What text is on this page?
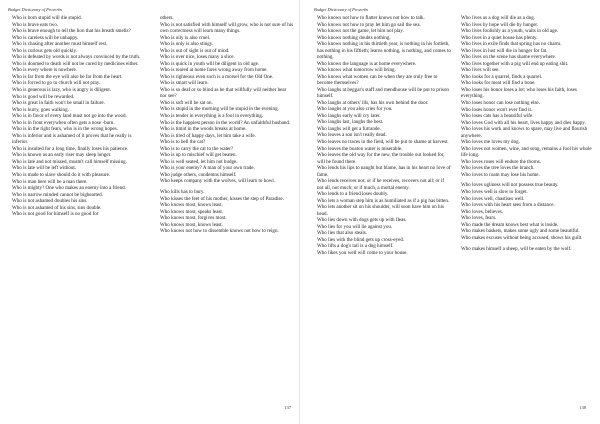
Budget Dictionary of Proverbs
Who is born stupid will die stupid.
Who is brave eats two.
Who is brave enough to tell the lion that his breath smells?
Who is careless will be unhappy.
Who is chasing after another must himself rest.
Who is curious gets old quickly.
Who is defeated by words is not always convinced by the truth.
Who is doomed to death will not be cured by medicines either.
Who is every where is nowhere.
Who is far from the eye will also be far from the heart.
Who is forced to go to church will not pray.
Who is generous is lazy, who is angry is diligent.
Who is good will be rewarded.
Who is great in faith won't be small in failure.
Who is hurry, goes walking.
Who is in favor of every land must not go into the wood.
Who is in front everywhen often gets a nose -burn.
Who is in the right fears, who is in the wrong hopes.
Who is inferior and is ashamed of it proves that he really is inferior.
Who is insulted for a long time, finally loses his patience.
Who is known as an early riser may sleep longer.
Who is late and not missed, mustn't call himself missing.
Who is late will be left without.
Who is made to slave should do it with pleasure.
Who is man here will be a man there.
Who is mighty? One who makes an enemy into a friend.
Who is narrow minded cannot be bighearted.
Who is not ashamed doubles his sins.
Who is not ashamed of his sins, sins double.
Who is not good for himself is no good for
others.
Who is not satisfied with himself will grow, who is not sure of his own correctness will learn many things.
Who is oily is also cruel.
Who is only is also stingy.
Who is out of sight is out of mind.
Who is over nice, loses many a slice.
Who is quick in youth will be diligent in old age.
Who is reared at home fares wrong away from home.
Who is righteous even such is a morsel for the Old One.
Who is smart will learn.
Who is so deaf or so blind as he that willfully will neither hear nor see?
Who is soft will be sat on.
Who is stupid in the morning will be stupid in the evening.
Who is tender in everything is a fool in everything.
Who is the happiest person in the world? An unfaithful husband.
Who is timid in the woods breaks at home.
Who is tired of happy days, let him take a wife.
Who is to bell the cat?
Who is to carry the cat to the water?
Who is up to mischief will get beaten.
Who is well seated, let him not budge.
Who is your enemy? A man of your own trade.
Who judge others, condemns himself.
Who keeps company with the wolves, will learn to howl.
Who kills has to bury.
Who kisses the feet of his mother, kisses the step of Paradise.
Who knows most, knows least.
Who knows most, speaks least.
Who knows most, forgives most.
Who knows most, knows least.
Who knows not how to dissemble knows not how to reign.
137
Budget Dictionary of Proverbs
Who knows not how to flatter knows not how to talk.
Who knows not how to pray let him go sail the sea.
Who knows not the game, let him not play.
Who knows nothing doubts nothing.
Who knows nothing in his thirtieth year, is nothing in his fortieth, has nothing in his fiftieth; learns nothing, is nothing, and comes to nothing.
Who knows the language is at home everywhere.
Who knows what tomorrow will bring.
Who knows what women can be when they are truly free to become themselves?
Who laughs at beggar's staff and mendhouse will be put to prison himself.
Who laughs at others' ills, has his own behind the door.
Who laughs at you also cries for you.
Who laughs early will cry later.
Who laughs last, laughs the best.
Who laughs will get a furrande.
Who leaves a son isn't really dead.
Who leaves no traces in the field, will be put to shame at harvest.
Who leaves the boaton water is miserable.
Who leaves the old way for the new, the trouble out looked for, will he found there.
Who lends his lips to naught but blame, has in his heart no love of fame.
Who lends receives not; or if he receives, recovers not all; or if not all, not much; or if much, a mortal enemy.
Who lends to a friend loses doubly.
Who lets a woman step him is as humiliated as if a pig has bitten.
Who lets another sit on his shoulder, will soon have him on his head.
Who lies down with dogs gets up with fleas.
Who lies for you will lie against you.
Who lies that also steals.
Who lies with the blind gets up cross-eyed.
Who lifts a dog's tail is a dog himself.
Who likes you well will come to your house.
Who lives as a dog will die as a dog.
Who lives by hope will die by hunger.
Who lives foolishly as a youth, waits in old age.
Who lives in a quiet house has plenty.
Who lives in exile finds that spring has no charm.
Who lives in lust will die in hunger for fat.
Who lives on the scene has shame everywhere.
Who lives together with a pig will end up eating shit.
Who lives will see.
Who looks for a quarrel, finds a quarrel.
Who looks for meat will find a bone.
Who loses his honor loses a lot; who loses his faith, loses everything.
Who loses honor can lose nothing else.
Who loses honor won't ever find it.
Who loses cats has a beautiful wife.
Who loves God with all his heart, lives happy and dies happy.
Who loves his work and knows to spare, may live and flourish anywhere.
Who loves me loves my dog.
Who loves not women, wine, and song, remains a fool his whole life long.
Who loves roses will endure the thorns.
Who loves the tree loves the branch.
Who loves to roam may lose his home.
Who loves ugliness will not possess true beauty.
Who loves well is slow to forget.
Who loves well, chastises well.
Who loves with his heart sees from a distance.
Who loves, believes.
Who loves, fears.
Who made the dream knows best what is inside.
Who makes baskets, makes some ugly and some beautiful.
Who makes excuses without being accused, shows his guilt.
Who makes himself a sheep, will be eaten by the wolf.
138
